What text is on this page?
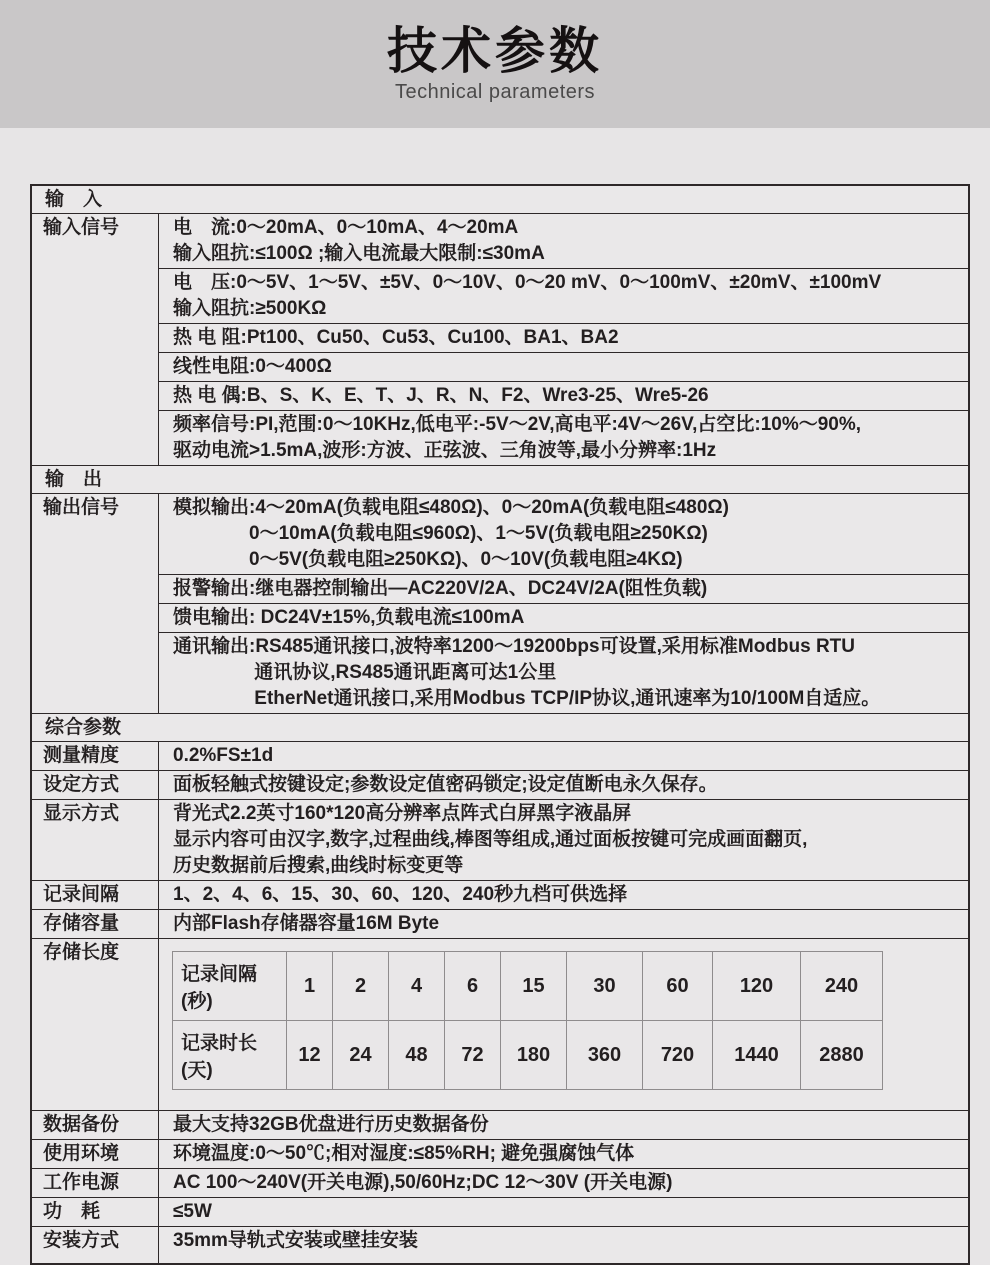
技术参数
Technical parameters
输　入
输入信号	电　流:0～20mA、0～10mA、4～20mA
输入阻抗:≤100Ω ;输入电流最大限制:≤30mA
电　压:0～5V、1～5V、±5V、0～10V、0～20 mV、0～100mV、±20mV、±100mV
输入阻抗:≥500KΩ
热 电 阻:Pt100、Cu50、Cu53、Cu100、BA1、BA2
线性电阻:0～400Ω
热 电 偶:B、S、K、E、T、J、R、N、F2、Wre3-25、Wre5-26
频率信号:PI,范围:0～10KHz,低电平:-5V～2V,高电平:4V～26V,占空比:10%～90%,
驱动电流>1.5mA,波形:方波、正弦波、三角波等,最小分辨率:1Hz
输　出
输出信号	模拟输出:4～20mA(负载电阻≤480Ω)、0～20mA(负载电阻≤480Ω)
　　　　0～10mA(负载电阻≤960Ω)、1～5V(负载电阻≥250KΩ)
　　　　0～5V(负载电阻≥250KΩ)、0～10V(负载电阻≥4KΩ)
报警输出:继电器控制输出—AC220V/2A、DC24V/2A(阻性负载)
馈电输出: DC24V±15%,负载电流≤100mA
通讯输出:RS485通讯接口,波特率1200～19200bps可设置,采用标准Modbus RTU
　　　　 通讯协议,RS485通讯距离可达1公里
　　　　 EtherNet通讯接口,采用Modbus TCP/IP协议,通讯速率为10/100M自适应。
综合参数
测量精度	0.2%FS±1d
设定方式	面板轻触式按键设定;参数设定值密码锁定;设定值断电永久保存。
显示方式	背光式2.2英寸160*120高分辨率点阵式白屏黑字液晶屏
显示内容可由汉字,数字,过程曲线,棒图等组成,通过面板按键可完成画面翻页,
历史数据前后搜索,曲线时标变更等
记录间隔	1、2、4、6、15、30、60、120、240秒九档可供选择
存储容量	内部Flash存储器容量16M Byte
存储长度
记录间隔(秒)	1	2	4	6	15	30	60	120	240
记录时长(天)	12	24	48	72	180	360	720	1440	2880
数据备份	最大支持32GB优盘进行历史数据备份
使用环境	环境温度:0～50℃;相对湿度:≤85%RH; 避免强腐蚀气体
工作电源	AC 100～240V(开关电源),50/60Hz;DC 12～30V (开关电源)
功　耗	≤5W
安装方式	35mm导轨式安装或壁挂安装
